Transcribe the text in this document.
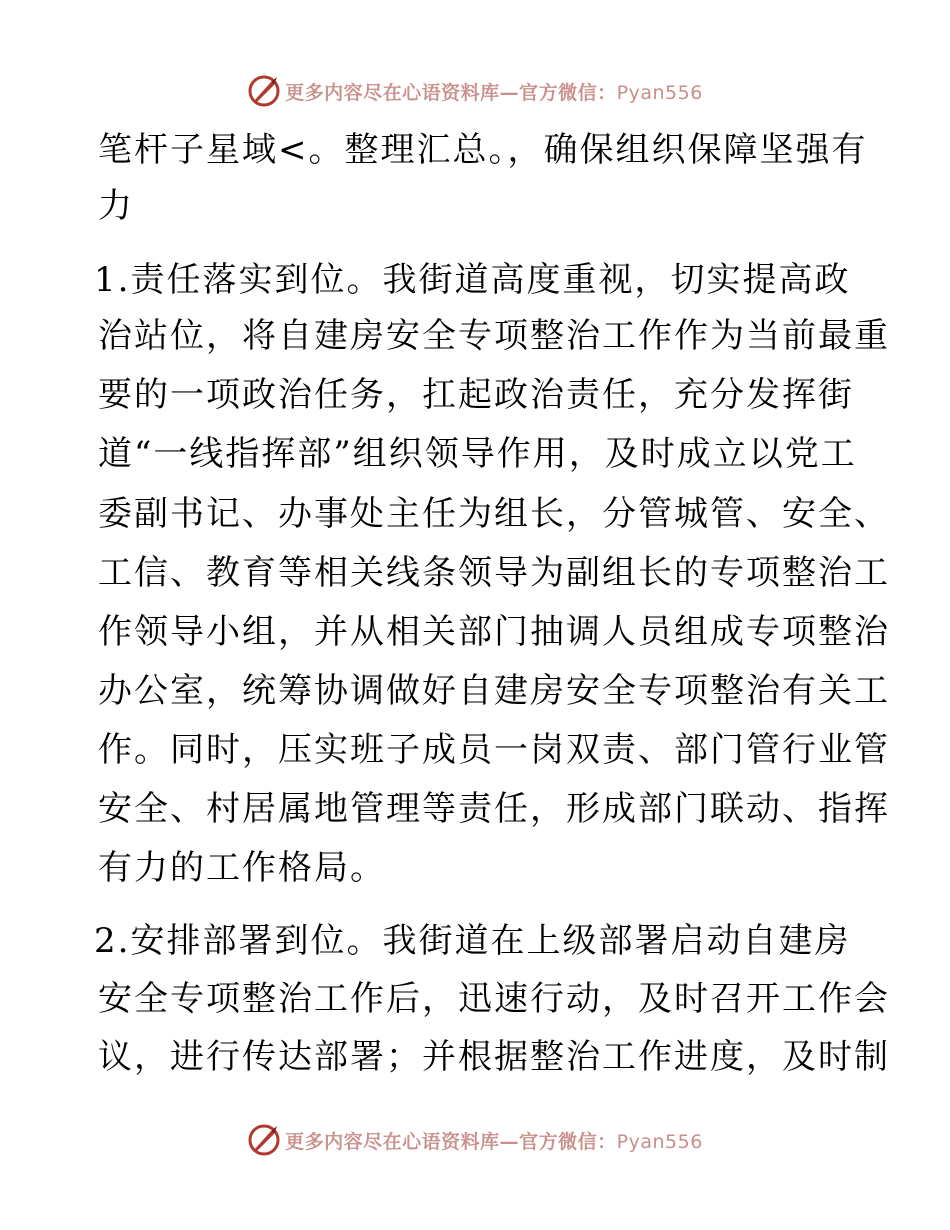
更多内容尽在心语资料库—官方微信：Pyan556
笔杆子星域<。整理汇总。，确保组织保障坚强有
力
1.责任落实到位。我街道高度重视，切实提高政
治站位，将自建房安全专项整治工作作为当前最重
要的一项政治任务，扛起政治责任，充分发挥街
道“一线指挥部”组织领导作用，及时成立以党工
委副书记、办事处主任为组长，分管城管、安全、
工信、教育等相关线条领导为副组长的专项整治工
作领导小组，并从相关部门抽调人员组成专项整治
办公室，统筹协调做好自建房安全专项整治有关工
作。同时，压实班子成员一岗双责、部门管行业管
安全、村居属地管理等责任，形成部门联动、指挥
有力的工作格局。
2.安排部署到位。我街道在上级部署启动自建房
安全专项整治工作后，迅速行动，及时召开工作会
议，进行传达部署；并根据整治工作进度，及时制
更多内容尽在心语资料库—官方微信：Pyan556
